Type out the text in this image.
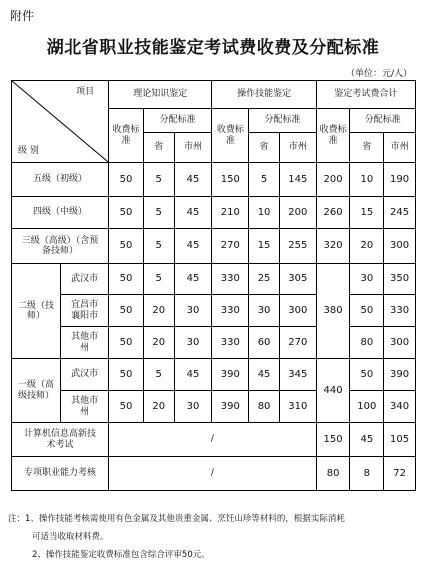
附件
湖北省职业技能鉴定考试费收费及分配标准
（单位：元/人）
项目
级 别		理论知识鉴定			操作技能鉴定			鉴定考试费合计		
		收费标准	分配标准		收费标准	分配标准		收费标准	分配标准	
			省	市州		省	市州		省	市州
五级（初级）		50	5	45	150	5	145	200	10	190
四级（中级）		50	5	45	210	10	200	260	15	245
三级（高级）（含预备技师）		50	5	45	270	15	255	320	20	300
二级（技师）	武汉市	50	5	45	330	25	305	380	30	350
	宜昌市襄阳市	50	20	30	330	30	300		50	330
	其他市州	50	20	30	330	60	270		80	300
一级（高级技师）	武汉市	50	5	45	390	45	345	440	50	390
	其他市州	50	20	30	390	80	310		100	340
计算机信息高新技术考试		/						150	45	105
专项职业能力考核		/						80	8	72
注：1、操作技能考核需使用有色金属及其他贵重金属、烹饪山珍等材料的，根据实际消耗
可适当收取材料费。
2、操作技能鉴定收费标准包含综合评审50元。
